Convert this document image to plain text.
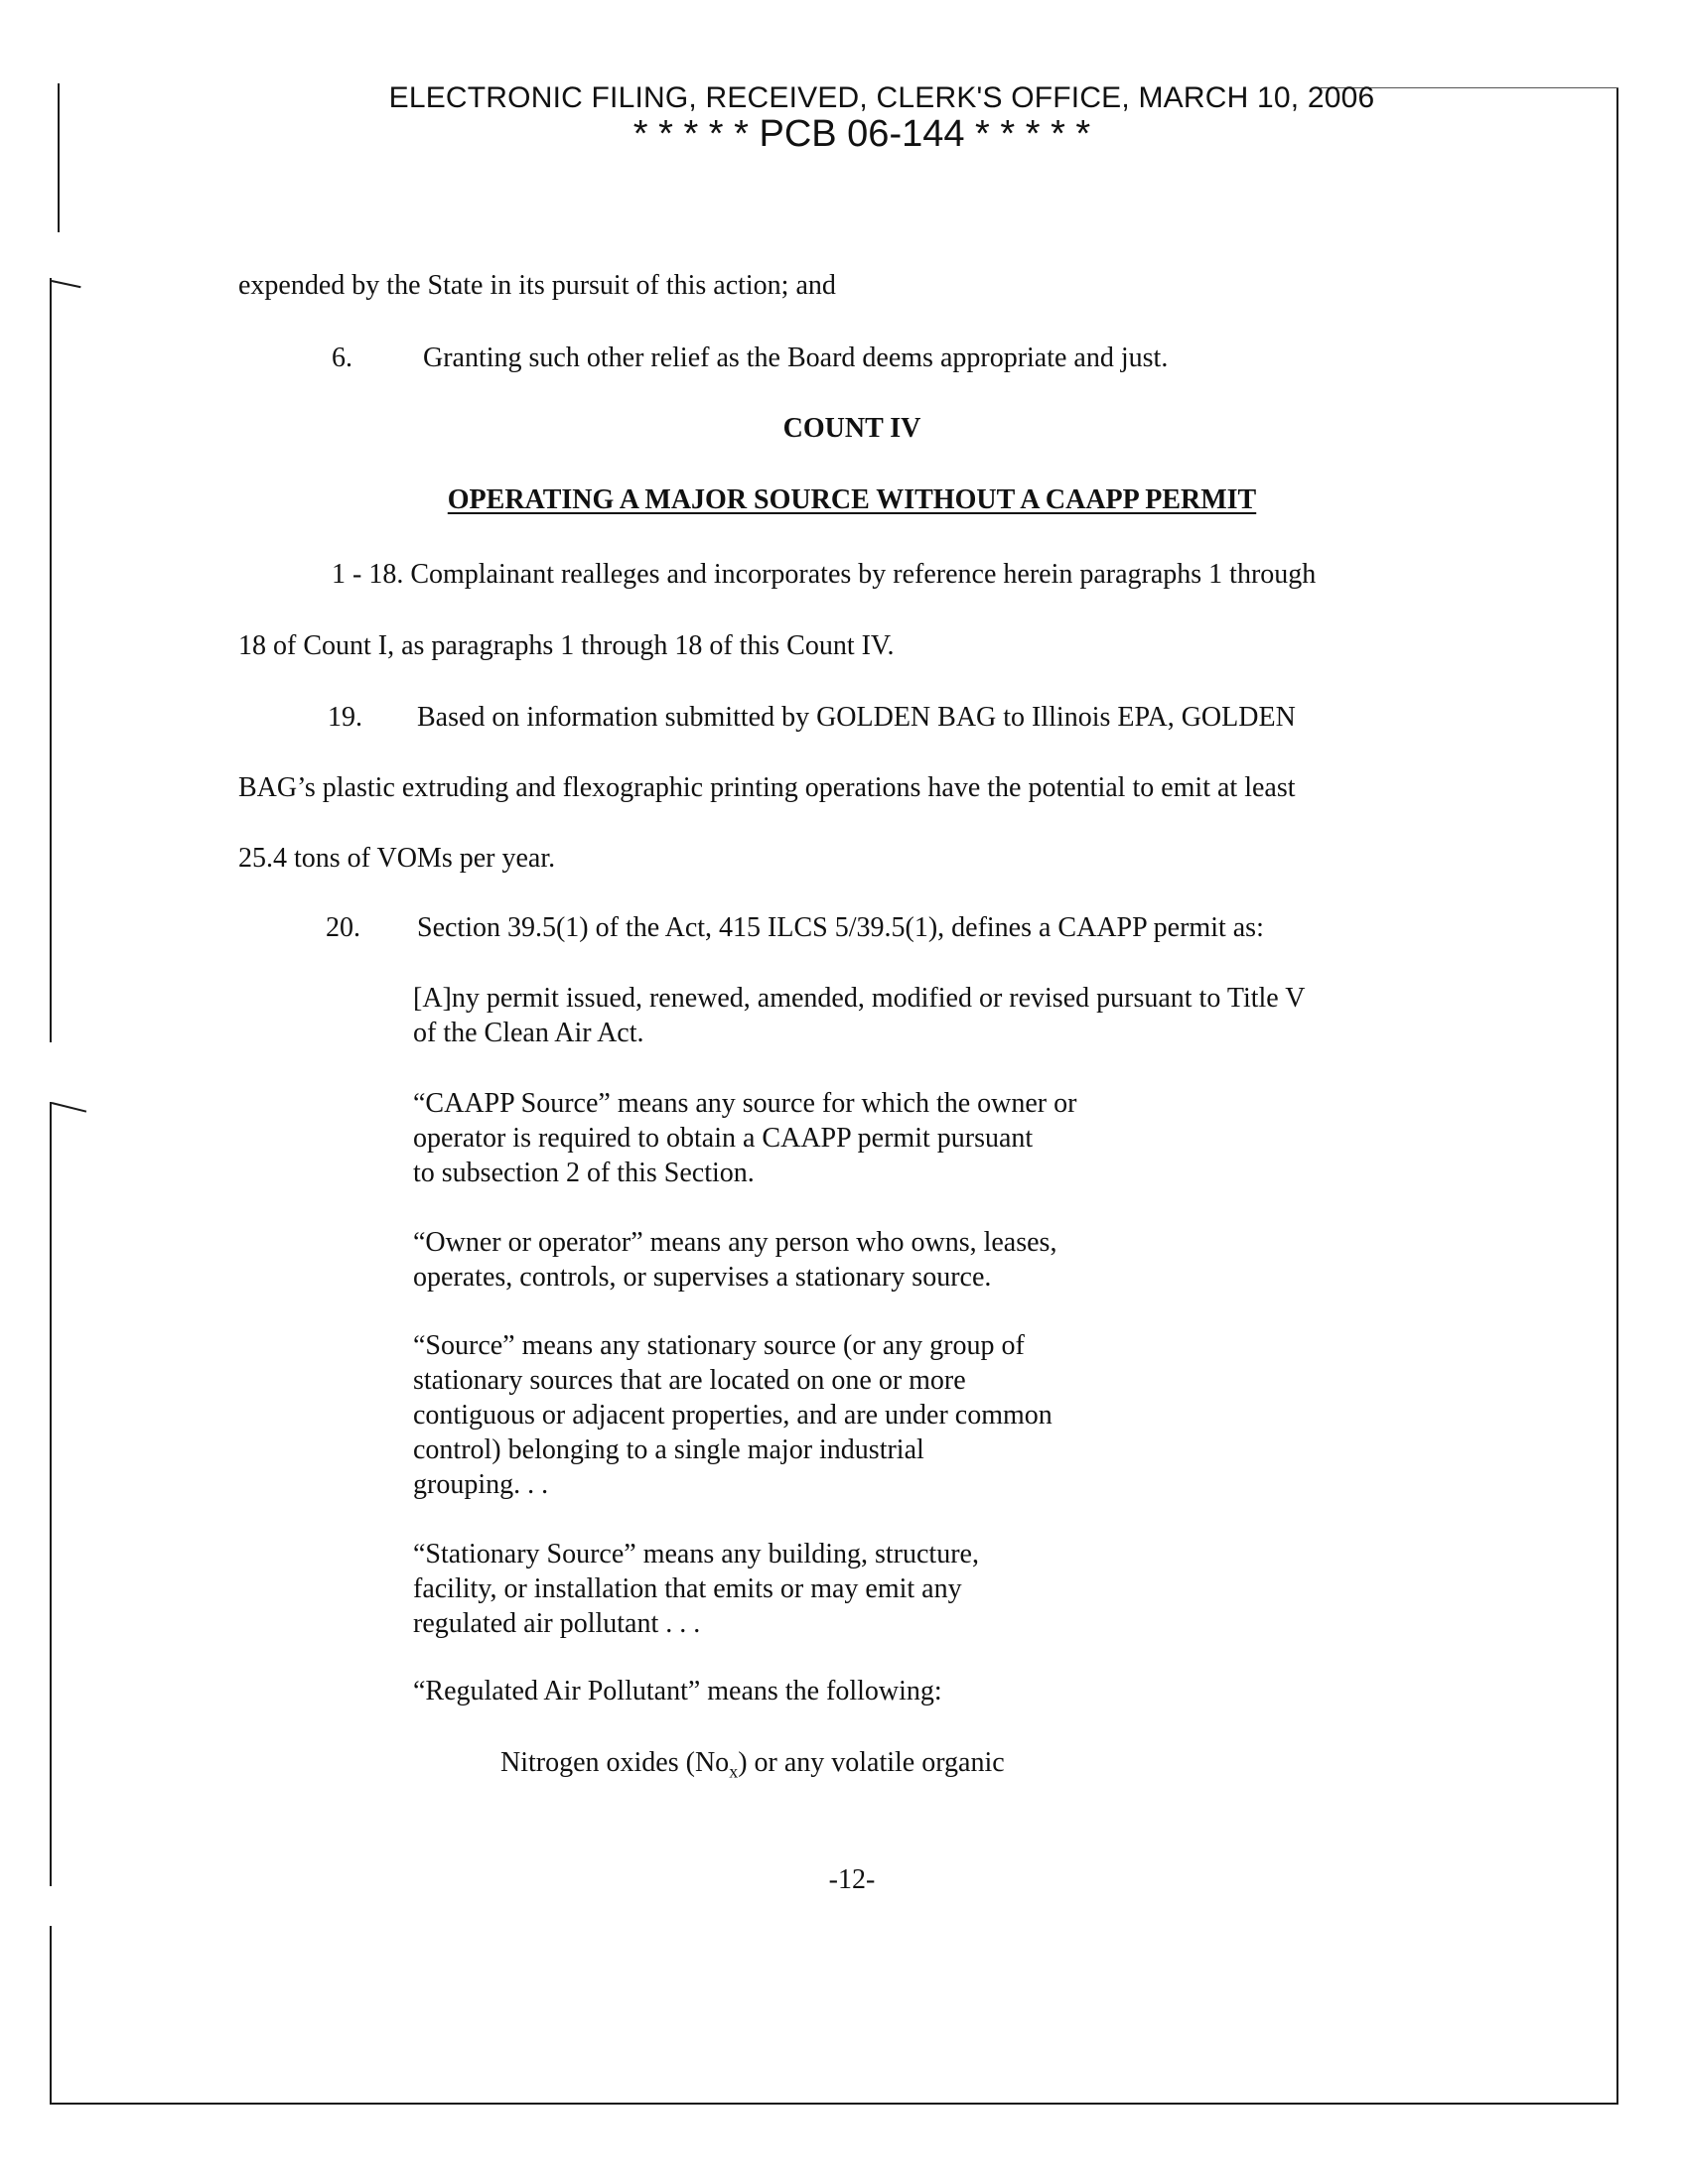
ELECTRONIC FILING, RECEIVED, CLERK'S OFFICE, MARCH 10, 2006
* * * * * PCB 06-144 * * * * *
expended by the State in its pursuit of this action; and
6.	Granting such other relief as the Board deems appropriate and just.
COUNT IV
OPERATING A MAJOR SOURCE WITHOUT A CAAPP PERMIT
1 - 18. Complainant realleges and incorporates by reference herein paragraphs 1 through
18 of Count I, as paragraphs 1 through 18 of this Count IV.
19. Based on information submitted by GOLDEN BAG to Illinois EPA, GOLDEN
BAG’s plastic extruding and flexographic printing operations have the potential to emit at least
25.4 tons of VOMs per year.
20. Section 39.5(1) of the Act, 415 ILCS 5/39.5(1), defines a CAAPP permit as:
[A]ny permit issued, renewed, amended, modified or revised pursuant to Title V
of the Clean Air Act.
“CAAPP Source” means any source for which the owner or
operator is required to obtain a CAAPP permit pursuant
to subsection 2 of this Section.
“Owner or operator” means any person who owns, leases,
operates, controls, or supervises a stationary source.
“Source” means any stationary source (or any group of
stationary sources that are located on one or more
contiguous or adjacent properties, and are under common
control) belonging to a single major industrial
grouping. . .
“Stationary Source” means any building, structure,
facility, or installation that emits or may emit any
regulated air pollutant . . .
“Regulated Air Pollutant” means the following:
Nitrogen oxides $(No_x)$ or any volatile organic
-12-
